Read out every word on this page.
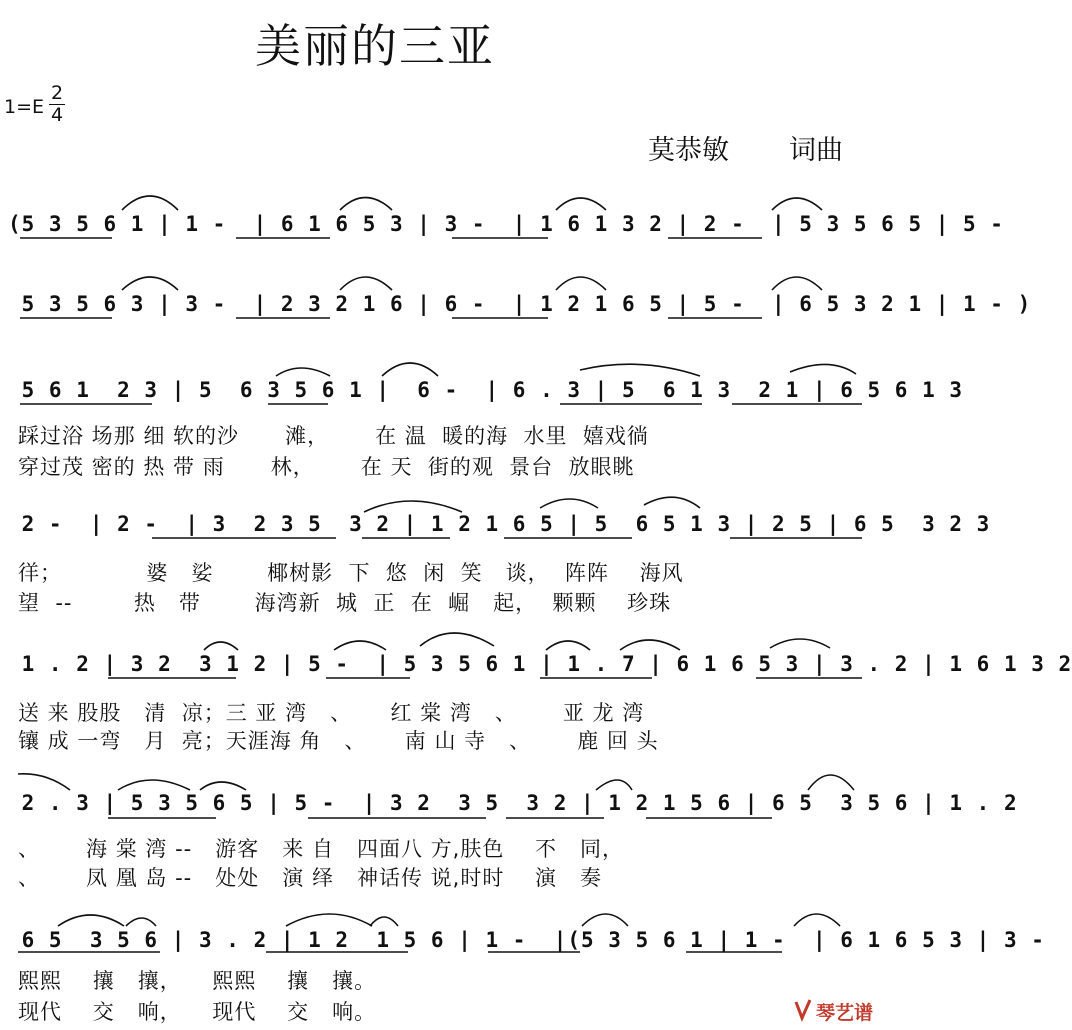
美丽的三亚
1=E
2
4
莫恭敏 词曲
(5 3 5 6 1 | 1 -  | 6 1 6 5 3 | 3 -  | 1 6 1 3 2 | 2 -  | 5 3 5 6 5 | 5 -
5 3 5 6 3 | 3 -  | 2 3 2 1 6 | 6 -  | 1 2 1 6 5 | 5 -  | 6 5 3 2 1 | 1 - )
5 6 1  2 3 | 5  6 3 5 6 1 |  6 -  | 6 . 3 | 5  6 1 3  2 1 | 6 5 6 1 3
踩过浴 场那 细 软的沙      滩，      在 温  暖的海  水里  嬉戏徜
穿过茂 密的 热 带 雨      林，      在 天  街的观  景台  放眼眺
2 -  | 2 -  | 3  2 3 5  3 2 | 1 2 1 6 5 | 5  6 5 1 3 | 2 5 | 6 5  3 2 3
徉；           婆   娑       椰树影  下  悠  闲  笑   谈，  阵阵    海风
望  --        热   带       海湾新  城  正  在  崛   起，  颗颗    珍珠
1 . 2 | 3 2  3 1 2 | 5 -  | 5 3 5 6 1 | 1 . 7 | 6 1 6 5 3 | 3 . 2 | 1 6 1 3 2
送 来 股股   清  凉；三 亚 湾   、     红 棠 湾   、      亚 龙 湾
镶 成 一弯   月  亮；天涯海 角   、     南 山 寺   、      鹿 回 头
2 . 3 | 5 3 5 6 5 | 5 -  | 3 2  3 5  3 2 | 1 2 1 5 6 | 6 5  3 5 6 | 1 . 2
、      海 棠 湾 --   游客   来 自   四面八 方,肤色    不   同，
、      凤 凰 岛 --   处处   演 绎   神话传 说,时时    演   奏
6 5  3 5 6 | 3 . 2 | 1 2  1 5 6 | 1 -  |(5 3 5 6 1 | 1 -  | 6 1 6 5 3 | 3 -
熙熙    攘   攘，    熙熙    攘   攘。
现代    交   响，    现代    交   响。	琴艺谱
